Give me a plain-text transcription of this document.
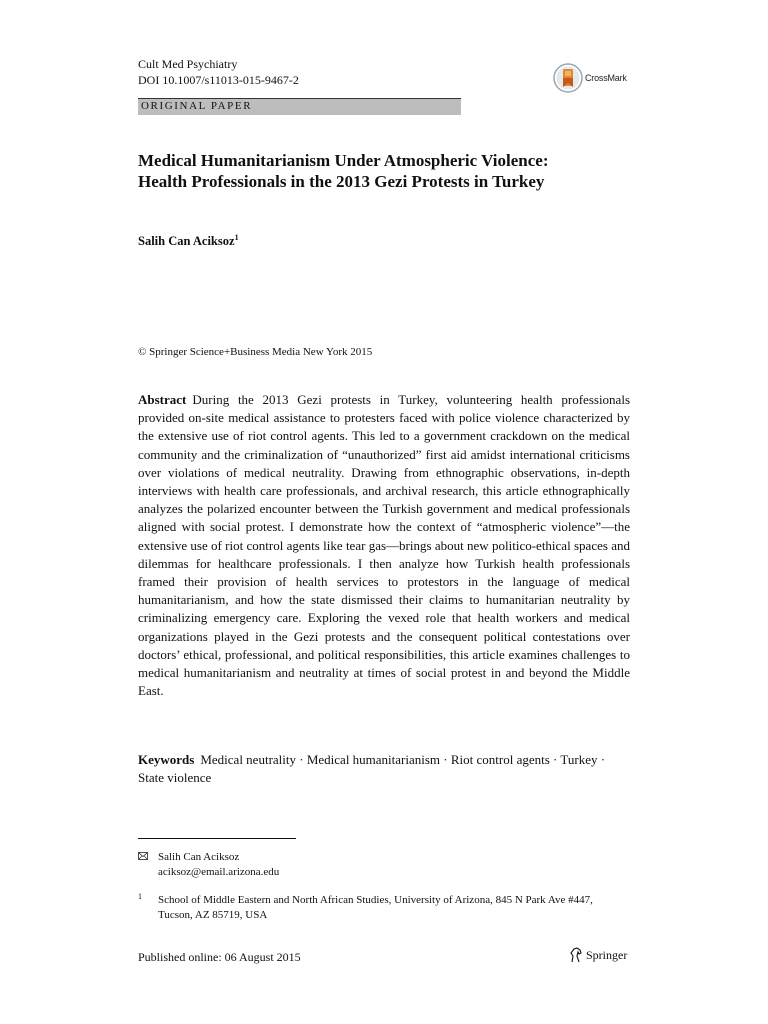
Cult Med Psychiatry
DOI 10.1007/s11013-015-9467-2	CrossMark
ORIGINAL PAPER
Medical Humanitarianism Under Atmospheric Violence: Health Professionals in the 2013 Gezi Protests in Turkey
Salih Can Aciksoz$^1$
© Springer Science+Business Media New York 2015

Abstract During the 2013 Gezi protests in Turkey, volunteering health professionals provided on-site medical assistance to protesters faced with police violence characterized by the extensive use of riot control agents. This led to a government crackdown on the medical community and the criminalization of “unauthorized” first aid amidst international criticisms over violations of medical neutrality. Drawing from ethnographic observations, in-depth interviews with health care professionals, and archival research, this article ethnographically analyzes the polarized encounter between the Turkish government and medical professionals aligned with social protest. I demonstrate how the context of “atmospheric violence”—the extensive use of riot control agents like tear gas—brings about new politico-ethical spaces and dilemmas for healthcare professionals. I then analyze how Turkish health professionals framed their provision of health services to protestors in the language of medical humanitarianism, and how the state dismissed their claims to humanitarian neutrality by criminalizing emergency care. Exploring the vexed role that health workers and medical organizations played in the Gezi protests and the consequent political contestations over doctors’ ethical, professional, and political responsibilities, this article examines challenges to medical humanitarianism and neutrality at times of social protest in and beyond the Middle East.

Keywords Medical neutrality · Medical humanitarianism · Riot control agents · Turkey · State violence

Salih Can Aciksoz
aciksoz@email.arizona.edu
1 School of Middle Eastern and North African Studies, University of Arizona, 845 N Park Ave #447, Tucson, AZ 85719, USA
Published online: 06 August 2015	Springer
